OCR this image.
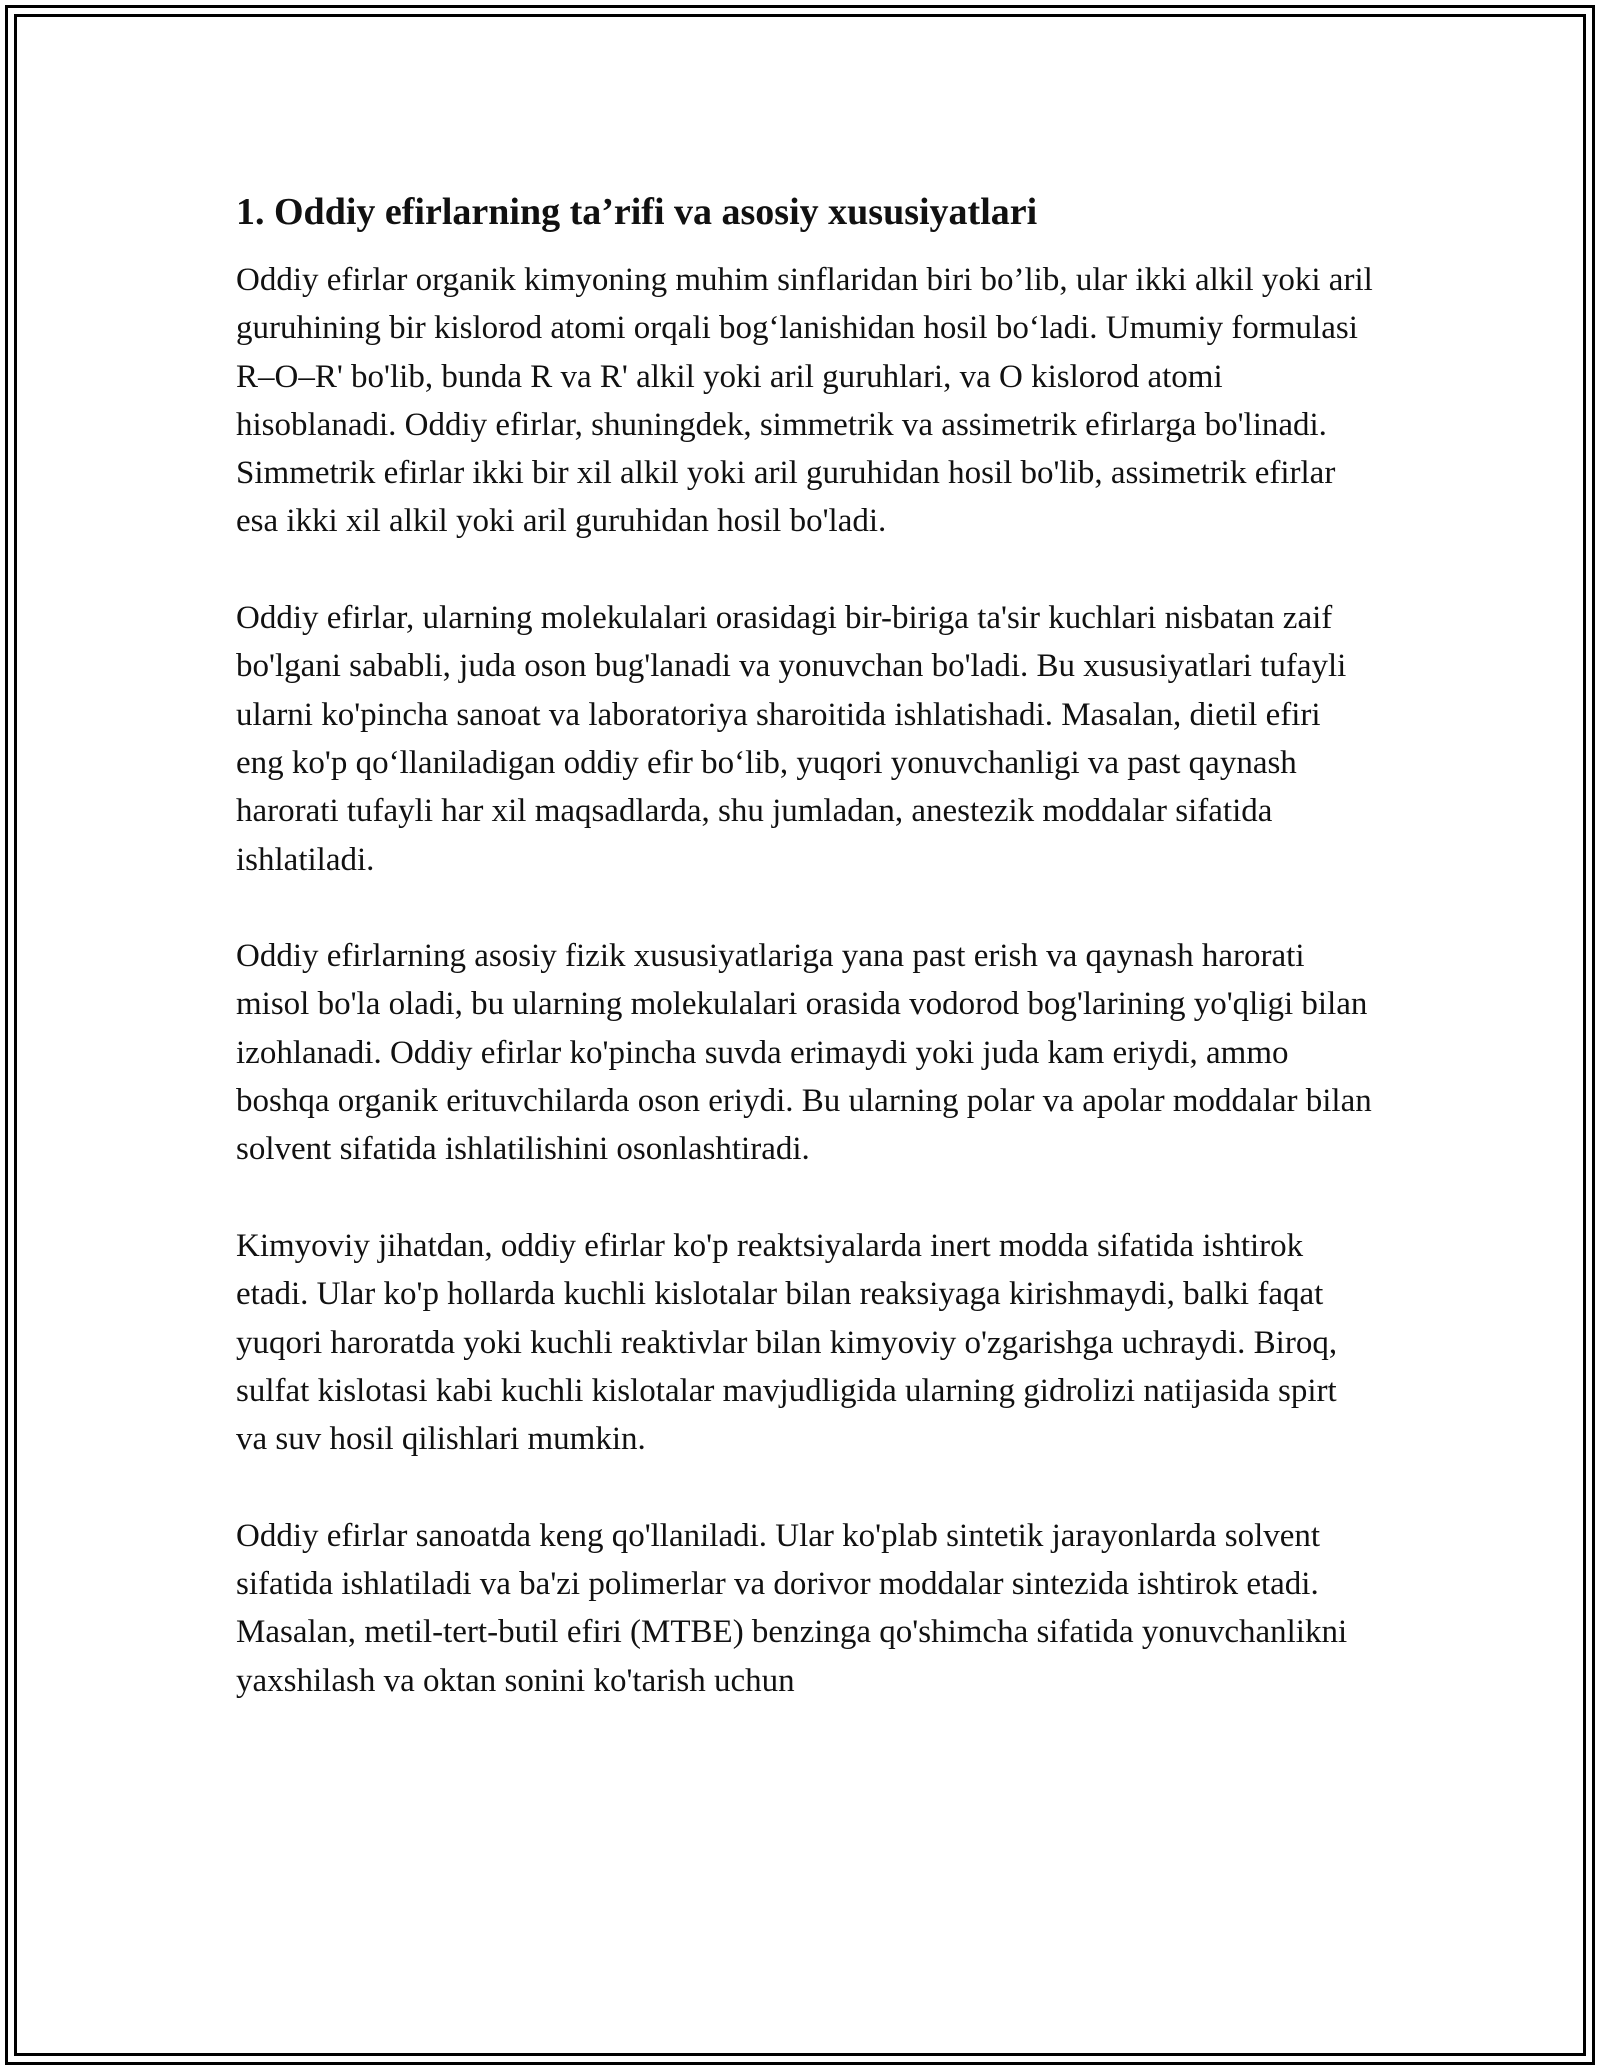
1. Oddiy efirlarning ta’rifi va asosiy xususiyatlari

Oddiy efirlar organik kimyoning muhim sinflaridan biri bo’lib, ular ikki alkil yoki aril guruhining bir kislorod atomi orqali bog‘lanishidan hosil bo‘ladi. Umumiy formulasi R–O–R' bo'lib, bunda R va R' alkil yoki aril guruhlari, va O kislorod atomi hisoblanadi. Oddiy efirlar, shuningdek, simmetrik va assimetrik efirlarga bo'linadi. Simmetrik efirlar ikki bir xil alkil yoki aril guruhidan hosil bo'lib, assimetrik efirlar esa ikki xil alkil yoki aril guruhidan hosil bo'ladi.

Oddiy efirlar, ularning molekulalari orasidagi bir-biriga ta'sir kuchlari nisbatan zaif bo'lgani sababli, juda oson bug'lanadi va yonuvchan bo'ladi. Bu xususiyatlari tufayli ularni ko'pincha sanoat va laboratoriya sharoitida ishlatishadi. Masalan, dietil efiri eng ko'p qo‘llaniladigan oddiy efir bo‘lib, yuqori yonuvchanligi va past qaynash harorati tufayli har xil maqsadlarda, shu jumladan, anestezik moddalar sifatida ishlatiladi.

Oddiy efirlarning asosiy fizik xususiyatlariga yana past erish va qaynash harorati misol bo'la oladi, bu ularning molekulalari orasida vodorod bog'larining yo'qligi bilan izohlanadi. Oddiy efirlar ko'pincha suvda erimaydi yoki juda kam eriydi, ammo boshqa organik erituvchilarda oson eriydi. Bu ularning polar va apolar moddalar bilan solvent sifatida ishlatilishini osonlashtiradi.

Kimyoviy jihatdan, oddiy efirlar ko'p reaktsiyalarda inert modda sifatida ishtirok etadi. Ular ko'p hollarda kuchli kislotalar bilan reaksiyaga kirishmaydi, balki faqat yuqori haroratda yoki kuchli reaktivlar bilan kimyoviy o'zgarishga uchraydi. Biroq, sulfat kislotasi kabi kuchli kislotalar mavjudligida ularning gidrolizi natijasida spirt va suv hosil qilishlari mumkin.

Oddiy efirlar sanoatda keng qo'llaniladi. Ular ko'plab sintetik jarayonlarda solvent sifatida ishlatiladi va ba'zi polimerlar va dorivor moddalar sintezida ishtirok etadi. Masalan, metil-tert-butil efiri (MTBE) benzinga qo'shimcha sifatida yonuvchanlikni yaxshilash va oktan sonini ko'tarish uchun
